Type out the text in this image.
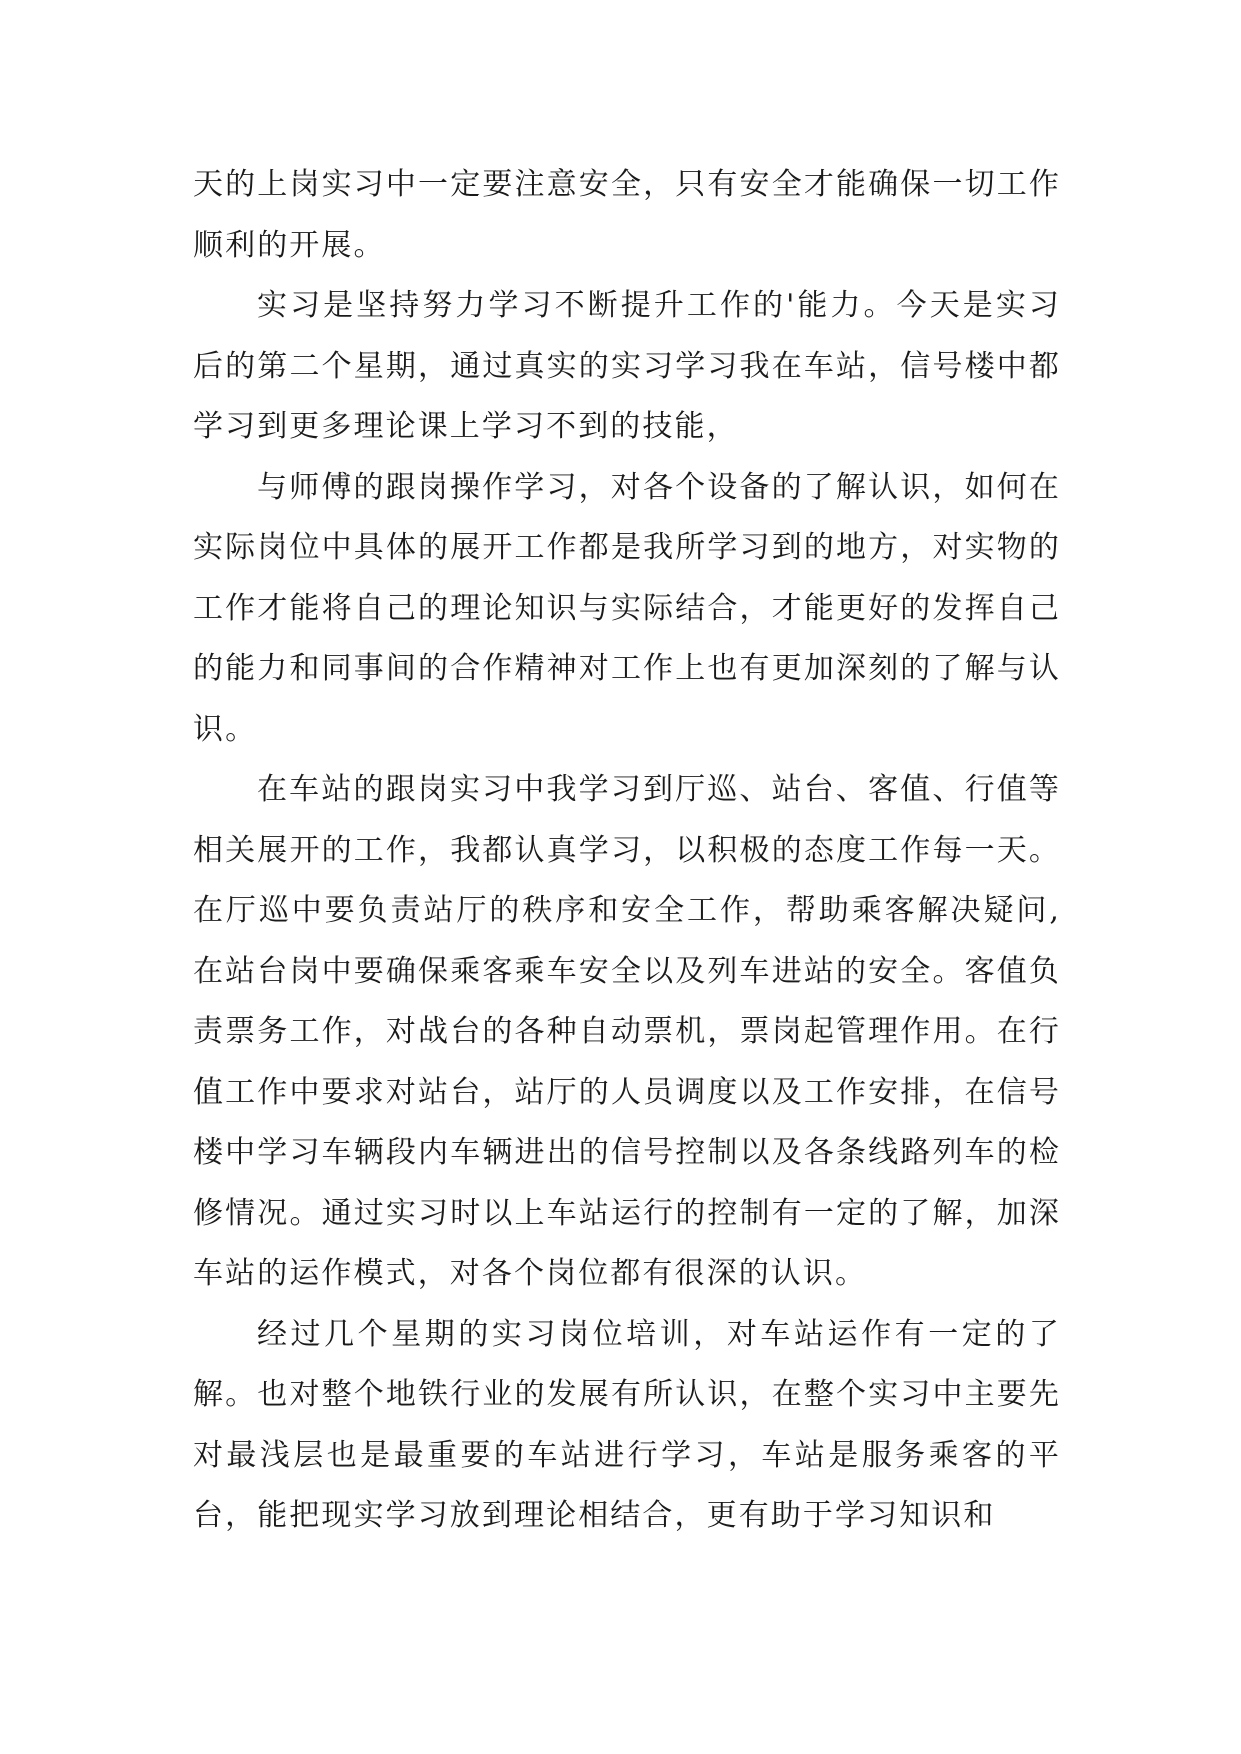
天的上岗实习中一定要注意安全，只有安全才能确保一切工作顺利的开展。

实习是坚持努力学习不断提升工作的'能力。今天是实习后的第二个星期，通过真实的实习学习我在车站，信号楼中都学习到更多理论课上学习不到的技能，

与师傅的跟岗操作学习，对各个设备的了解认识，如何在实际岗位中具体的展开工作都是我所学习到的地方，对实物的工作才能将自己的理论知识与实际结合，才能更好的发挥自己的能力和同事间的合作精神对工作上也有更加深刻的了解与认识。

在车站的跟岗实习中我学习到厅巡、站台、客值、行值等相关展开的工作，我都认真学习，以积极的态度工作每一天。在厅巡中要负责站厅的秩序和安全工作，帮助乘客解决疑问,在站台岗中要确保乘客乘车安全以及列车进站的安全。客值负责票务工作，对战台的各种自动票机，票岗起管理作用。在行值工作中要求对站台，站厅的人员调度以及工作安排，在信号楼中学习车辆段内车辆进出的信号控制以及各条线路列车的检修情况。通过实习时以上车站运行的控制有一定的了解，加深车站的运作模式，对各个岗位都有很深的认识。

经过几个星期的实习岗位培训，对车站运作有一定的了解。也对整个地铁行业的发展有所认识，在整个实习中主要先对最浅层也是最重要的车站进行学习，车站是服务乘客的平台，能把现实学习放到理论相结合，更有助于学习知识和
